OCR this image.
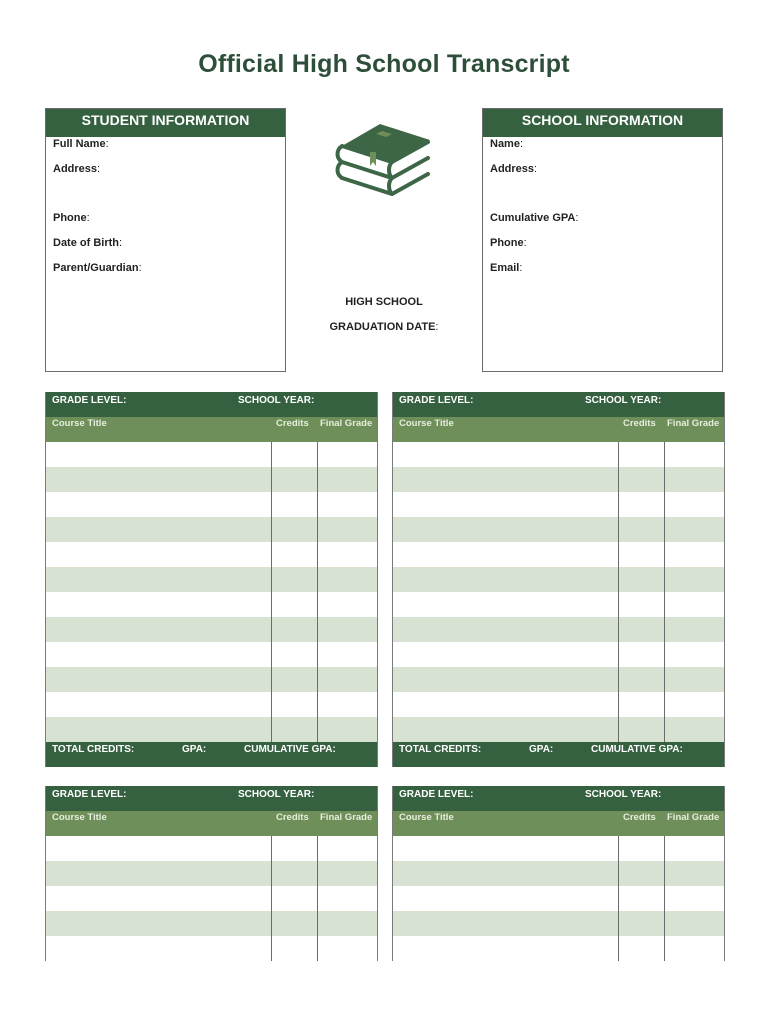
Official High School Transcript
STUDENT INFORMATION
Full Name:
Address:
Phone:
Date of Birth:
Parent/Guardian:
HIGH SCHOOL
GRADUATION DATE:
SCHOOL INFORMATION
Name:
Address:
Cumulative GPA:
Phone:
Email:
GRADE LEVEL:	SCHOOL YEAR:
Course Title	Credits Final Grade
TOTAL CREDITS:	GPA:	CUMULATIVE GPA:
GRADE LEVEL:	SCHOOL YEAR:
Course Title	Credits Final Grade
TOTAL CREDITS:	GPA:	CUMULATIVE GPA:
GRADE LEVEL:	SCHOOL YEAR:
Course Title	Credits Final Grade
GRADE LEVEL:	SCHOOL YEAR:
Course Title	Credits Final Grade
